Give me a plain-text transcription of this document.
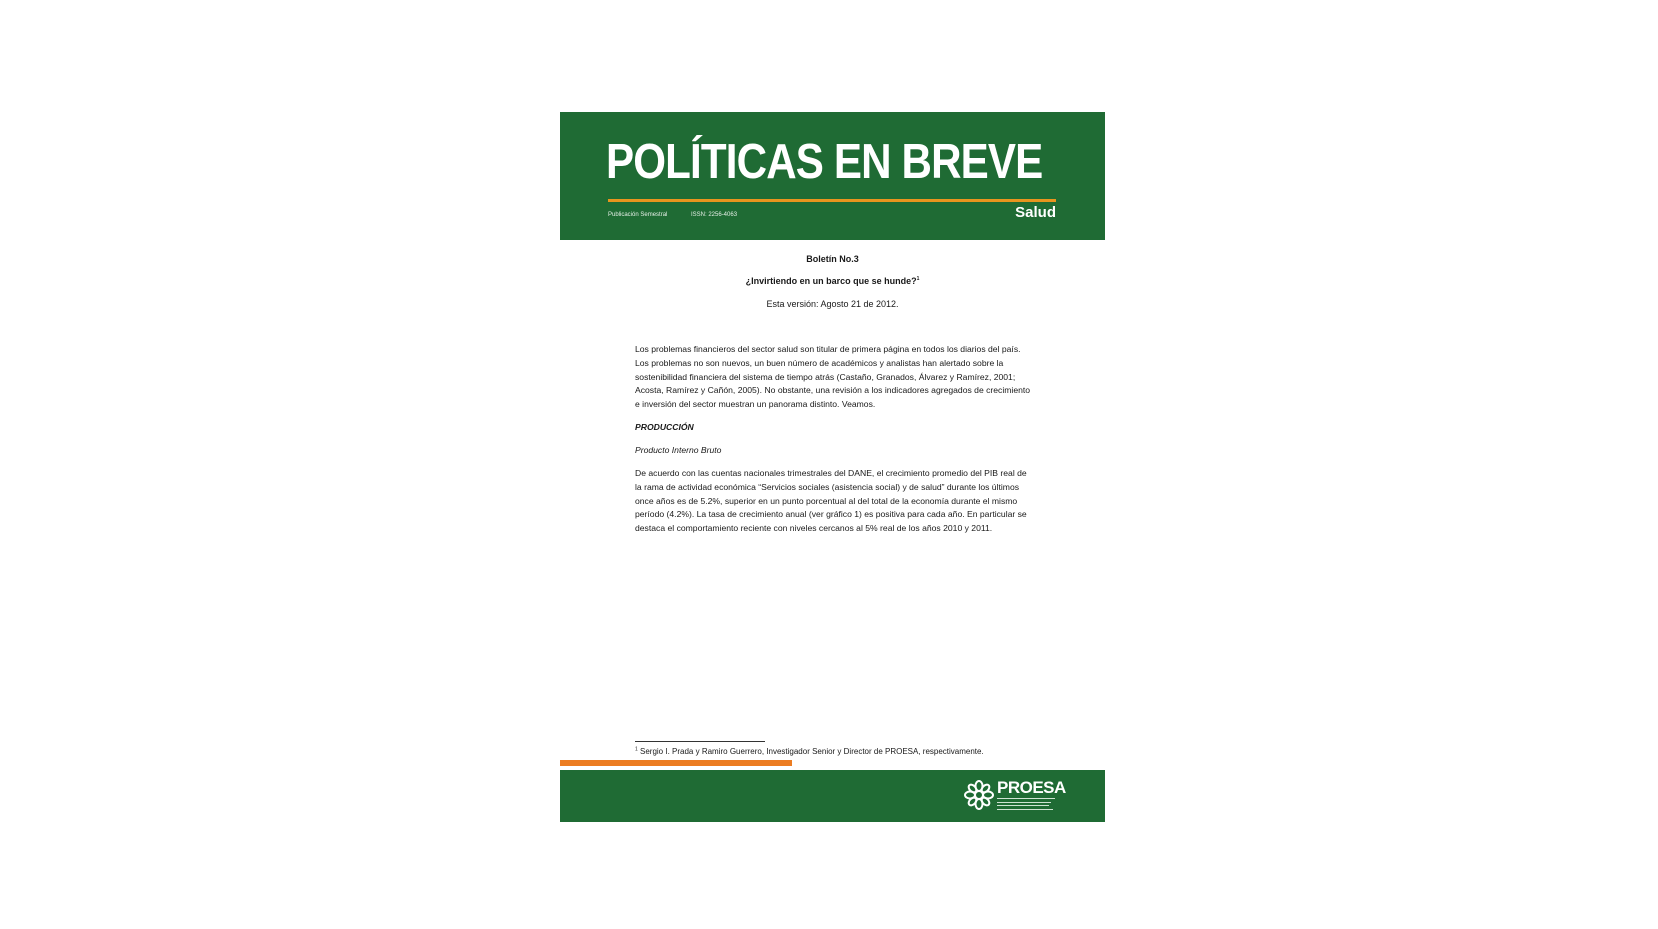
POLÍTICAS EN BREVE
Publicación Semestral	ISSN: 2256-4063	Salud
Boletín No.3
¿Invirtiendo en un barco que se hunde?$^1$
Esta versión: Agosto 21 de 2012.
Los problemas financieros del sector salud son titular de primera página en todos los diarios del país. Los problemas no son nuevos, un buen número de académicos y analistas han alertado sobre la sostenibilidad financiera del sistema de tiempo atrás (Castaño, Granados, Álvarez y Ramírez, 2001; Acosta, Ramírez y Cañón, 2005). No obstante, una revisión a los indicadores agregados de crecimiento e inversión del sector muestran un panorama distinto. Veamos.
PRODUCCIÓN
Producto Interno Bruto
De acuerdo con las cuentas nacionales trimestrales del DANE, el crecimiento promedio del PIB real de la rama de actividad económica “Servicios sociales (asistencia social) y de salud” durante los últimos once años es de 5.2%, superior en un punto porcentual al del total de la economía durante el mismo período (4.2%). La tasa de crecimiento anual (ver gráfico 1) es positiva para cada año. En particular se destaca el comportamiento reciente con niveles cercanos al 5% real de los años 2010 y 2011.
$^1$ Sergio I. Prada y Ramiro Guerrero, Investigador Senior y Director de PROESA, respectivamente.
PROESA
